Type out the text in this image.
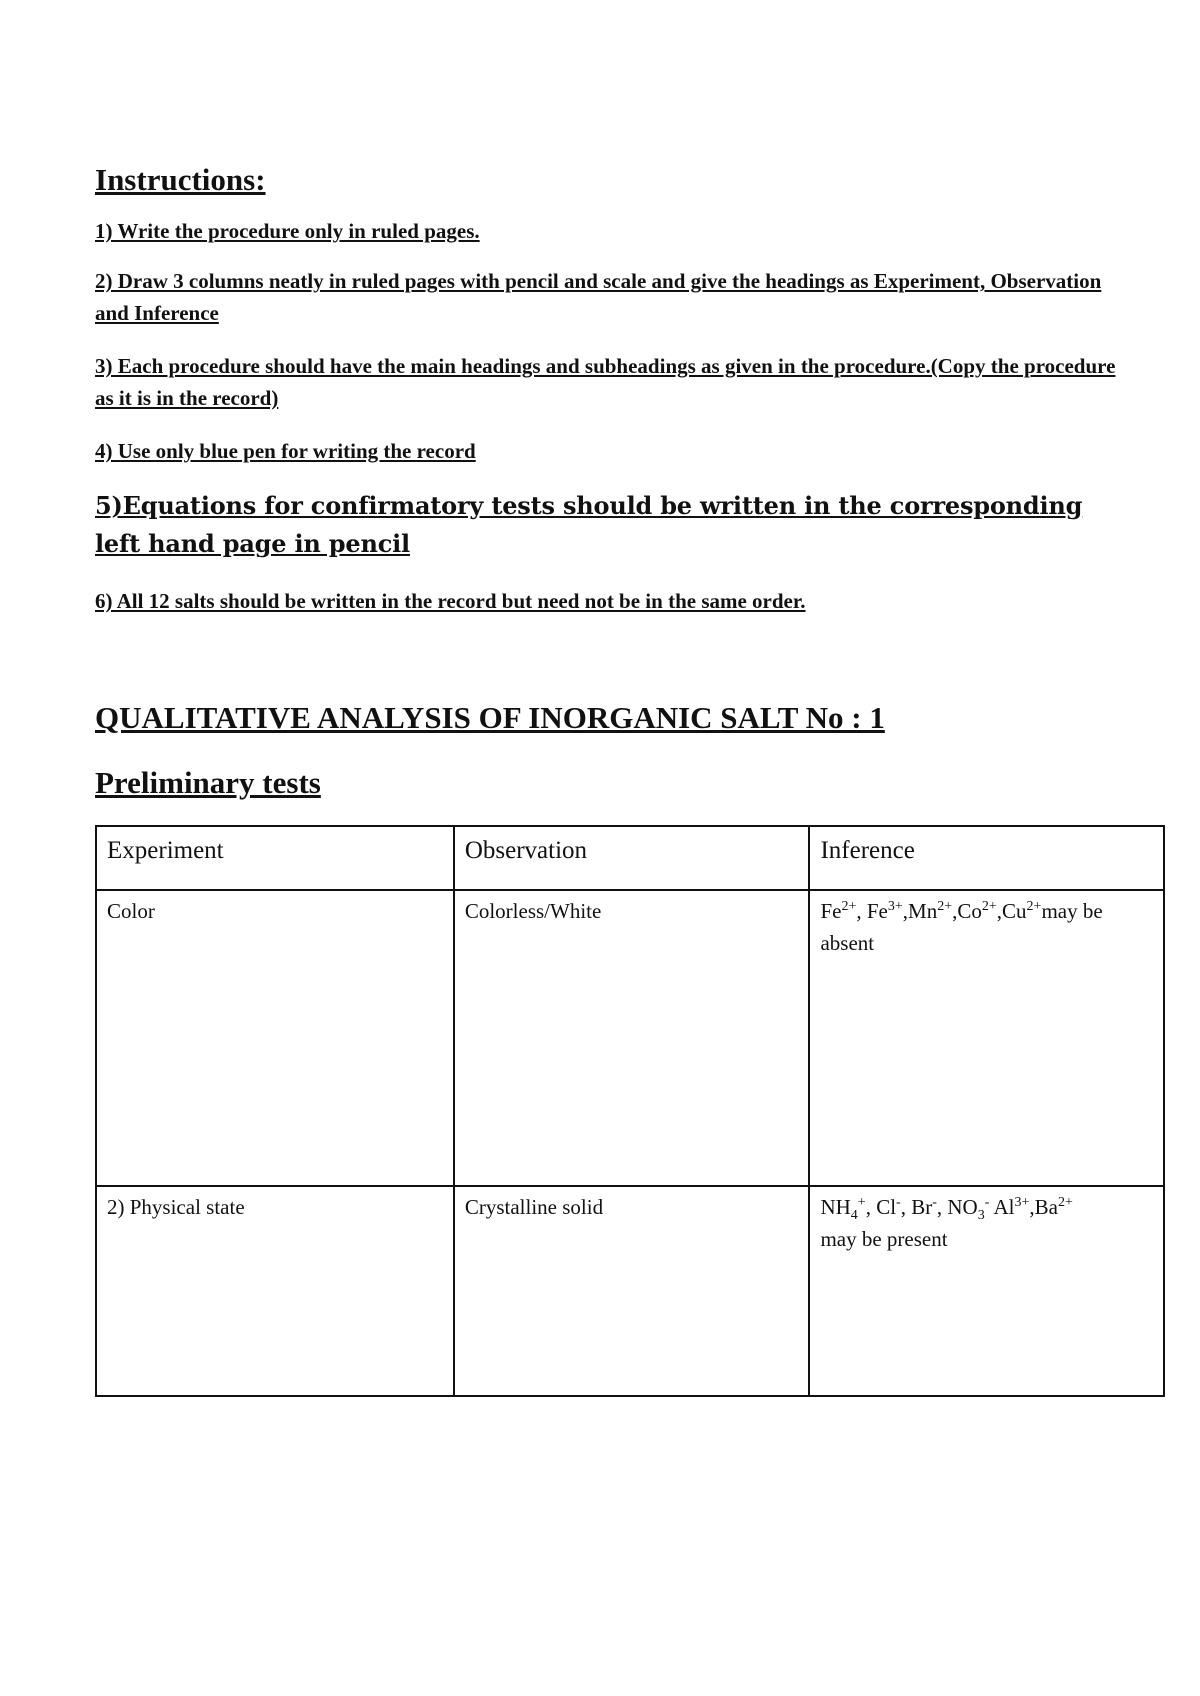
Instructions:

1) Write the procedure only in ruled pages.

2) Draw 3 columns neatly in ruled pages with pencil and scale and give the headings as Experiment, Observation and Inference

3) Each procedure should have the main headings and subheadings as given in the procedure.(Copy the procedure as it is in the record)

4) Use only blue pen for writing the record

5)Equations for confirmatory tests should be written in the corresponding left hand page in pencil

6) All 12 salts should be written in the record but need not be in the same order.

QUALITATIVE ANALYSIS OF INORGANIC SALT No : 1
Preliminary tests
Experiment	Observation	Inference
Color	Colorless/White	$Fe^{2+}$, $Fe^{3+},Mn^{2+},Co^{2+},Cu^{2+}may$ be absent
2) Physical state	Crystalline solid	$NH_4^+$, Cl-, Br-, $NO_3^-$ $Al^{3+},Ba^{2+}$
may be present
